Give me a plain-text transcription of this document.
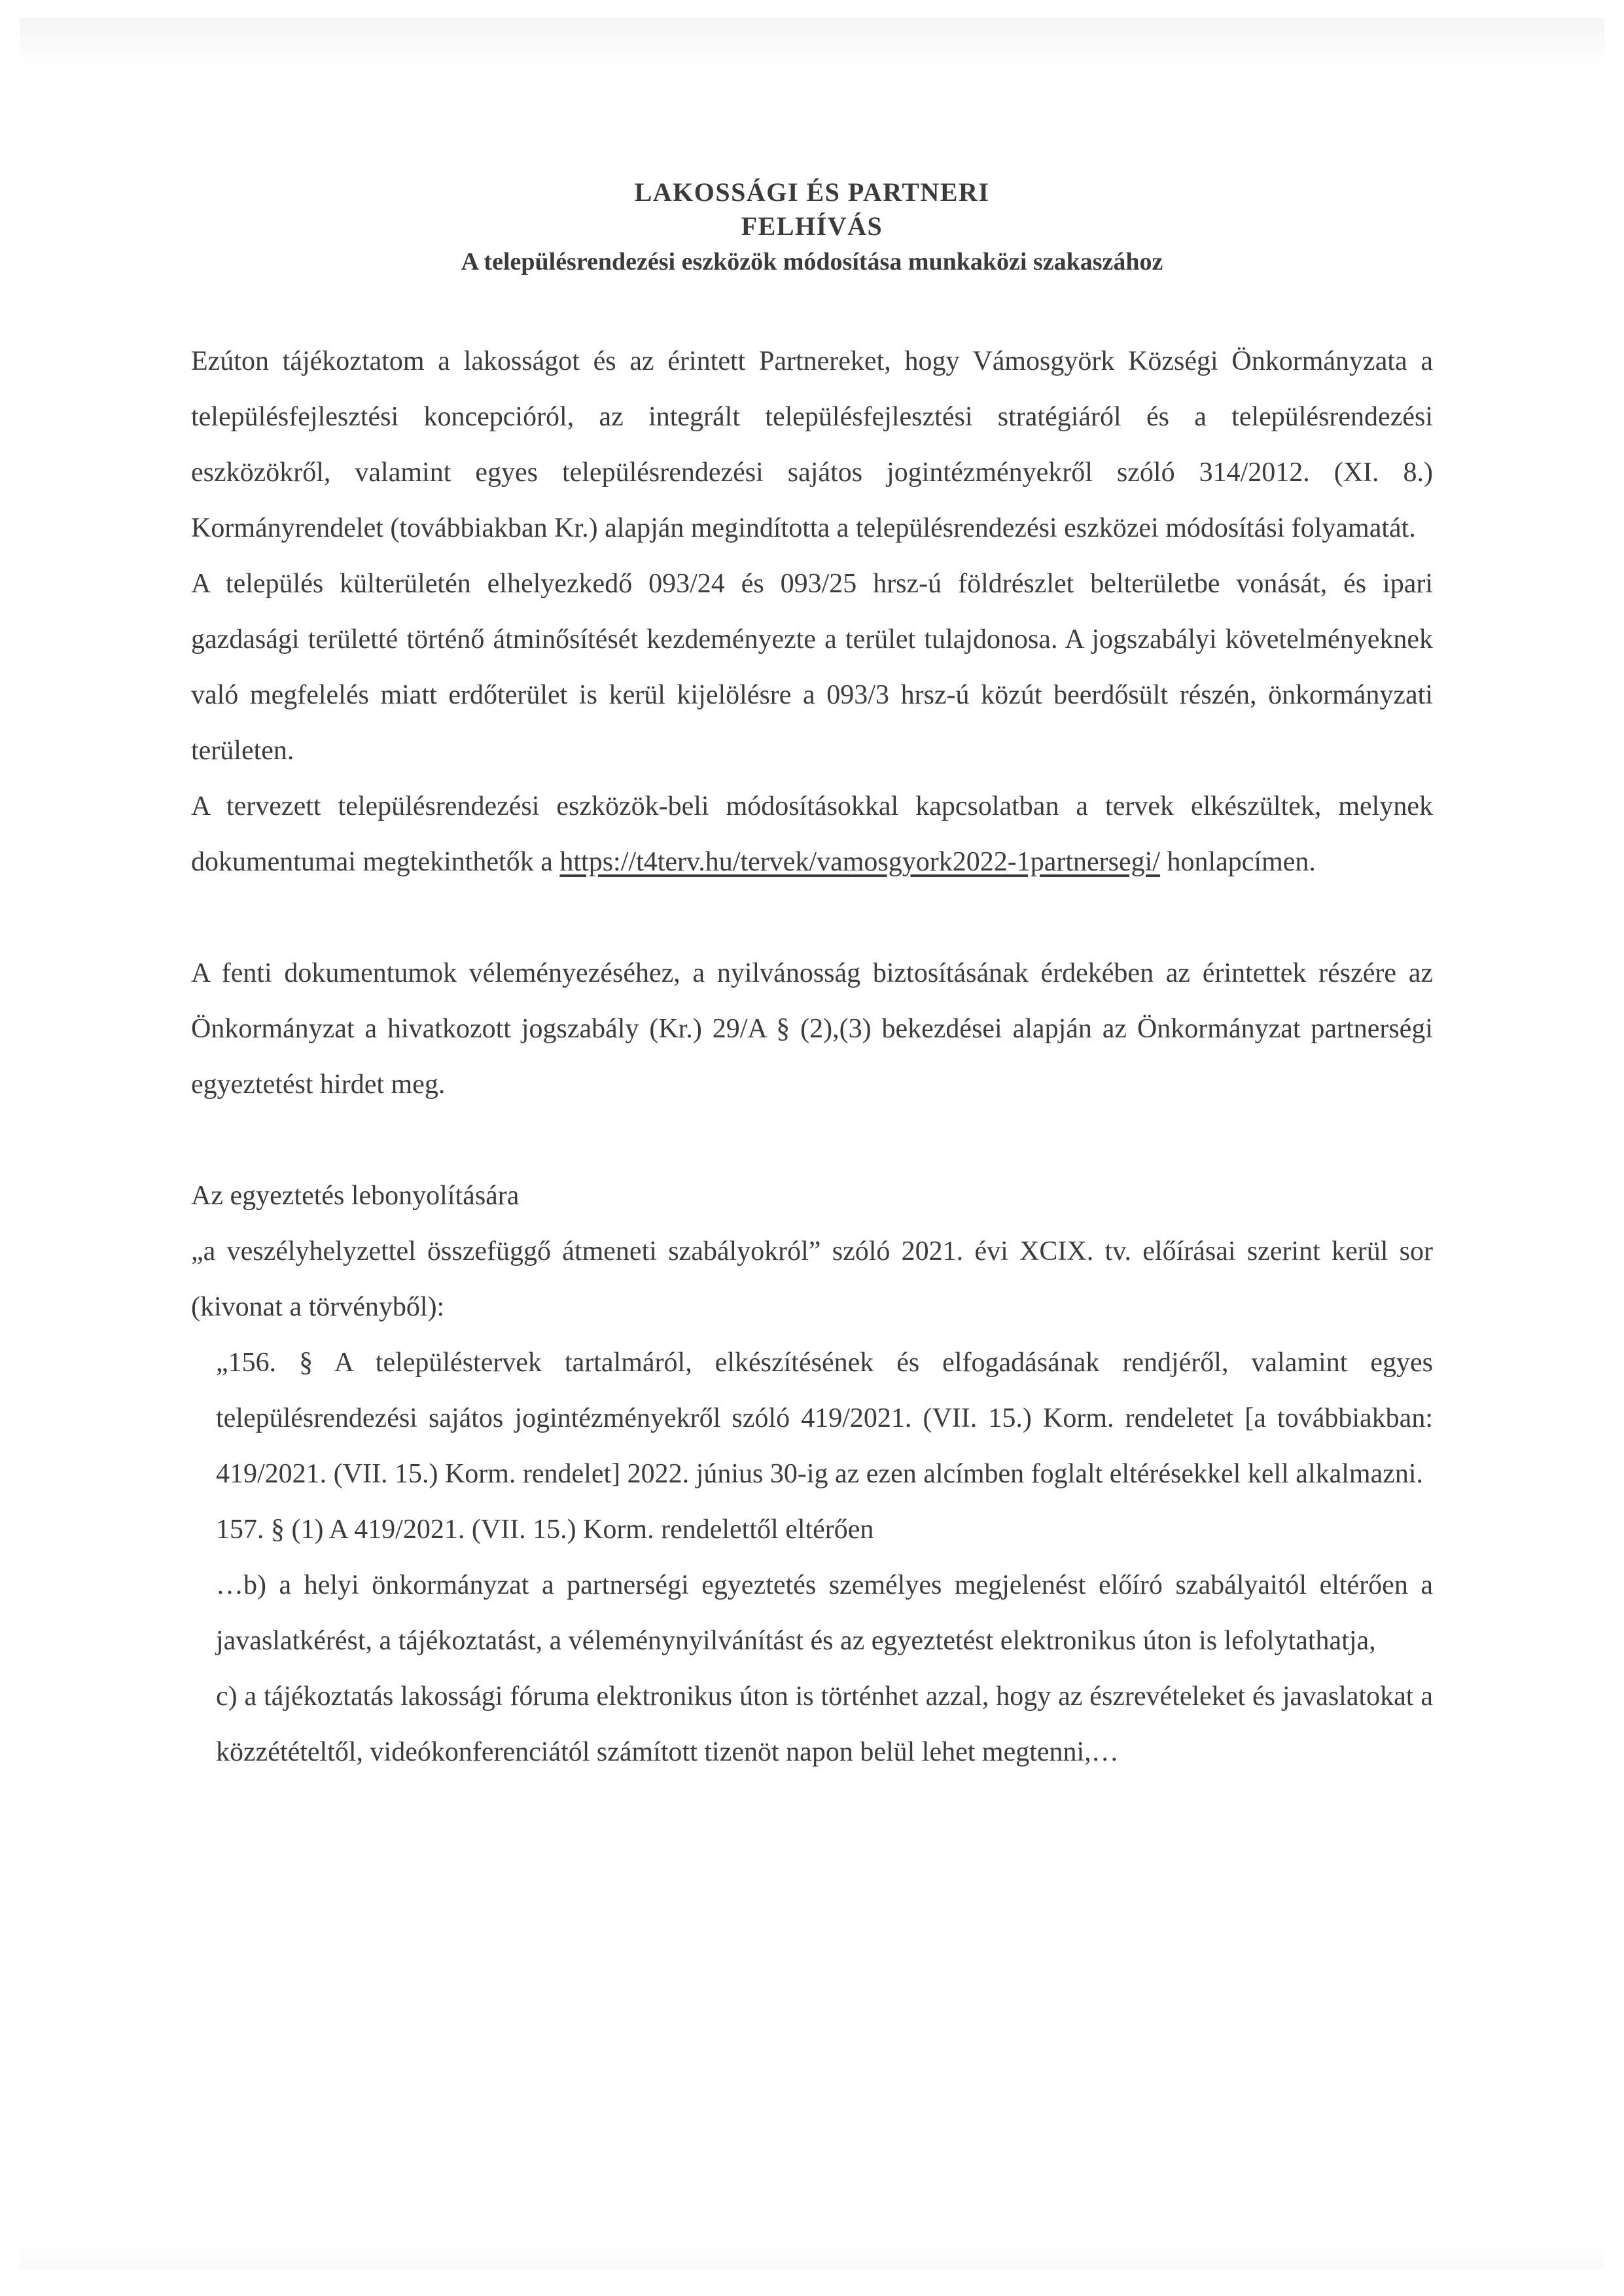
LAKOSSÁGI ÉS PARTNERI
FELHÍVÁS
A településrendezési eszközök módosítása munkaközi szakaszához

Ezúton tájékoztatom a lakosságot és az érintett Partnereket, hogy Vámosgyörk Községi Önkormányzata a településfejlesztési koncepcióról, az integrált településfejlesztési stratégiáról és a településrendezési eszközökről, valamint egyes településrendezési sajátos jogintézményekről szóló 314/2012. (XI. 8.) Kormányrendelet (továbbiakban Kr.) alapján megindította a településrendezési eszközei módosítási folyamatát.

A település külterületén elhelyezkedő 093/24 és 093/25 hrsz-ú földrészlet belterületbe vonását, és ipari gazdasági területté történő átminősítését kezdeményezte a terület tulajdonosa. A jogszabályi követelményeknek való megfelelés miatt erdőterület is kerül kijelölésre a 093/3 hrsz-ú közút beerdősült részén, önkormányzati területen.

A tervezett településrendezési eszközök-beli módosításokkal kapcsolatban a tervek elkészültek, melynek dokumentumai megtekinthetők a https://t4terv.hu/tervek/vamosgyork2022-1partnersegi/ honlapcímen.

A fenti dokumentumok véleményezéséhez, a nyilvánosság biztosításának érdekében az érintettek részére az Önkormányzat a hivatkozott jogszabály (Kr.) 29/A § (2),(3) bekezdései alapján az Önkormányzat partnerségi egyeztetést hirdet meg.

Az egyeztetés lebonyolítására

„a veszélyhelyzettel összefüggő átmeneti szabályokról” szóló 2021. évi XCIX. tv. előírásai szerint kerül sor (kivonat a törvényből):

„156. § A településtervek tartalmáról, elkészítésének és elfogadásának rendjéről, valamint egyes településrendezési sajátos jogintézményekről szóló 419/2021. (VII. 15.) Korm. rendeletet [a továbbiakban: 419/2021. (VII. 15.) Korm. rendelet] 2022. június 30-ig az ezen alcímben foglalt eltérésekkel kell alkalmazni.

157. § (1) A 419/2021. (VII. 15.) Korm. rendelettől eltérően

…b) a helyi önkormányzat a partnerségi egyeztetés személyes megjelenést előíró szabályaitól eltérően a javaslatkérést, a tájékoztatást, a véleménynyilvánítást és az egyeztetést elektronikus úton is lefolytathatja,

c) a tájékoztatás lakossági fóruma elektronikus úton is történhet azzal, hogy az észrevételeket és javaslatokat a közzétételtől, videókonferenciától számított tizenöt napon belül lehet megtenni,…
